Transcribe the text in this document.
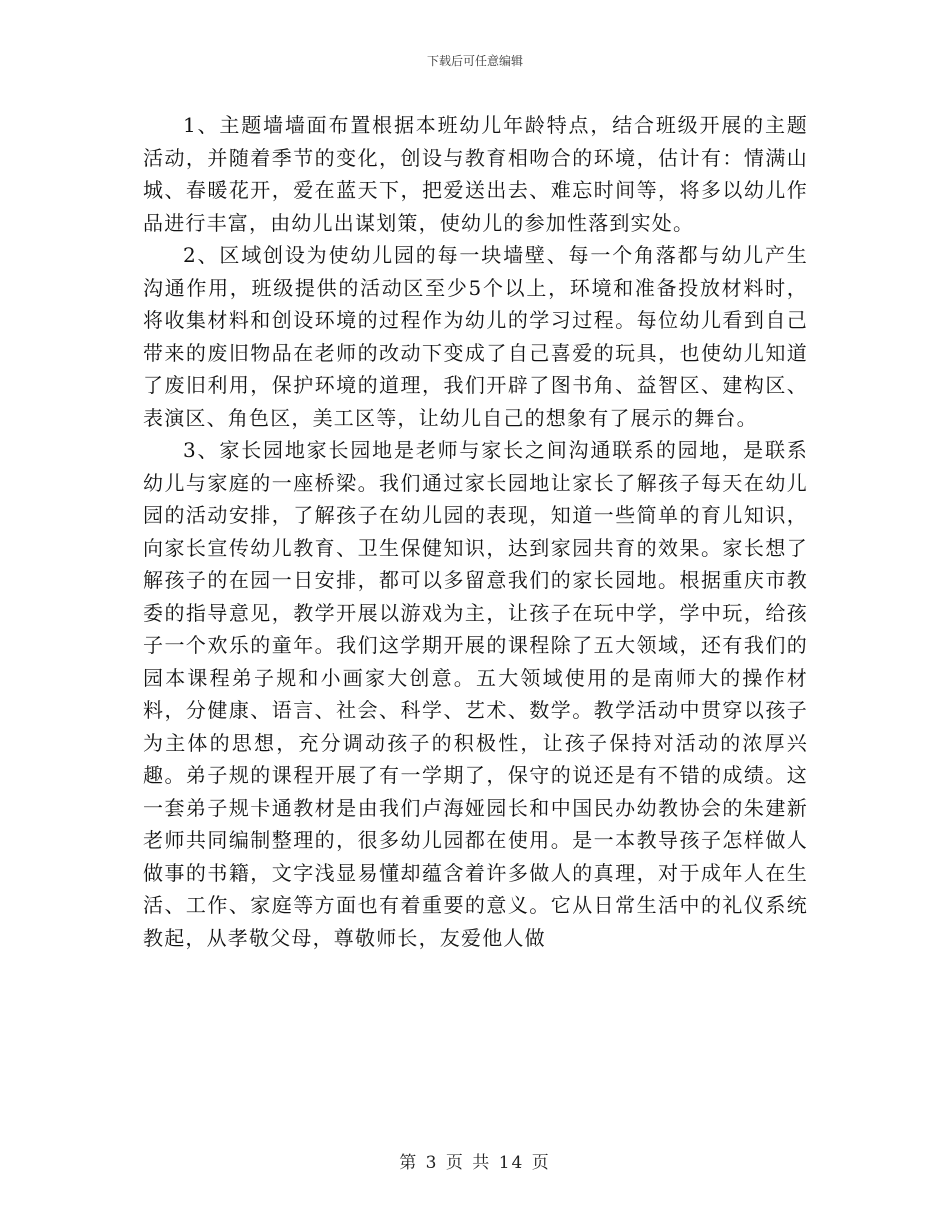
下载后可任意编辑

1、主题墙墙面布置根据本班幼儿年龄特点，结合班级开展的主题活动，并随着季节的变化，创设与教育相吻合的环境，估计有：情满山城、春暖花开，爱在蓝天下，把爱送出去、难忘时间等，将多以幼儿作品进行丰富，由幼儿出谋划策，使幼儿的参加性落到实处。

2、区域创设为使幼儿园的每一块墙壁、每一个角落都与幼儿产生沟通作用，班级提供的活动区至少5个以上，环境和准备投放材料时，将收集材料和创设环境的过程作为幼儿的学习过程。每位幼儿看到自己带来的废旧物品在老师的改动下变成了自己喜爱的玩具，也使幼儿知道了废旧利用，保护环境的道理，我们开辟了图书角、益智区、建构区、表演区、角色区，美工区等，让幼儿自己的想象有了展示的舞台。

3、家长园地家长园地是老师与家长之间沟通联系的园地，是联系幼儿与家庭的一座桥梁。我们通过家长园地让家长了解孩子每天在幼儿园的活动安排，了解孩子在幼儿园的表现，知道一些简单的育儿知识，向家长宣传幼儿教育、卫生保健知识，达到家园共育的效果。家长想了解孩子的在园一日安排，都可以多留意我们的家长园地。根据重庆市教委的指导意见，教学开展以游戏为主，让孩子在玩中学，学中玩，给孩子一个欢乐的童年。我们这学期开展的课程除了五大领域，还有我们的园本课程弟子规和小画家大创意。五大领域使用的是南师大的操作材料，分健康、语言、社会、科学、艺术、数学。教学活动中贯穿以孩子为主体的思想，充分调动孩子的积极性，让孩子保持对活动的浓厚兴趣。弟子规的课程开展了有一学期了，保守的说还是有不错的成绩。这一套弟子规卡通教材是由我们卢海娅园长和中国民办幼教协会的朱建新老师共同编制整理的，很多幼儿园都在使用。是一本教导孩子怎样做人做事的书籍，文字浅显易懂却蕴含着许多做人的真理，对于成年人在生活、工作、家庭等方面也有着重要的意义。它从日常生活中的礼仪系统教起，从孝敬父母，尊敬师长，友爱他人做

第 3 页 共 14 页
